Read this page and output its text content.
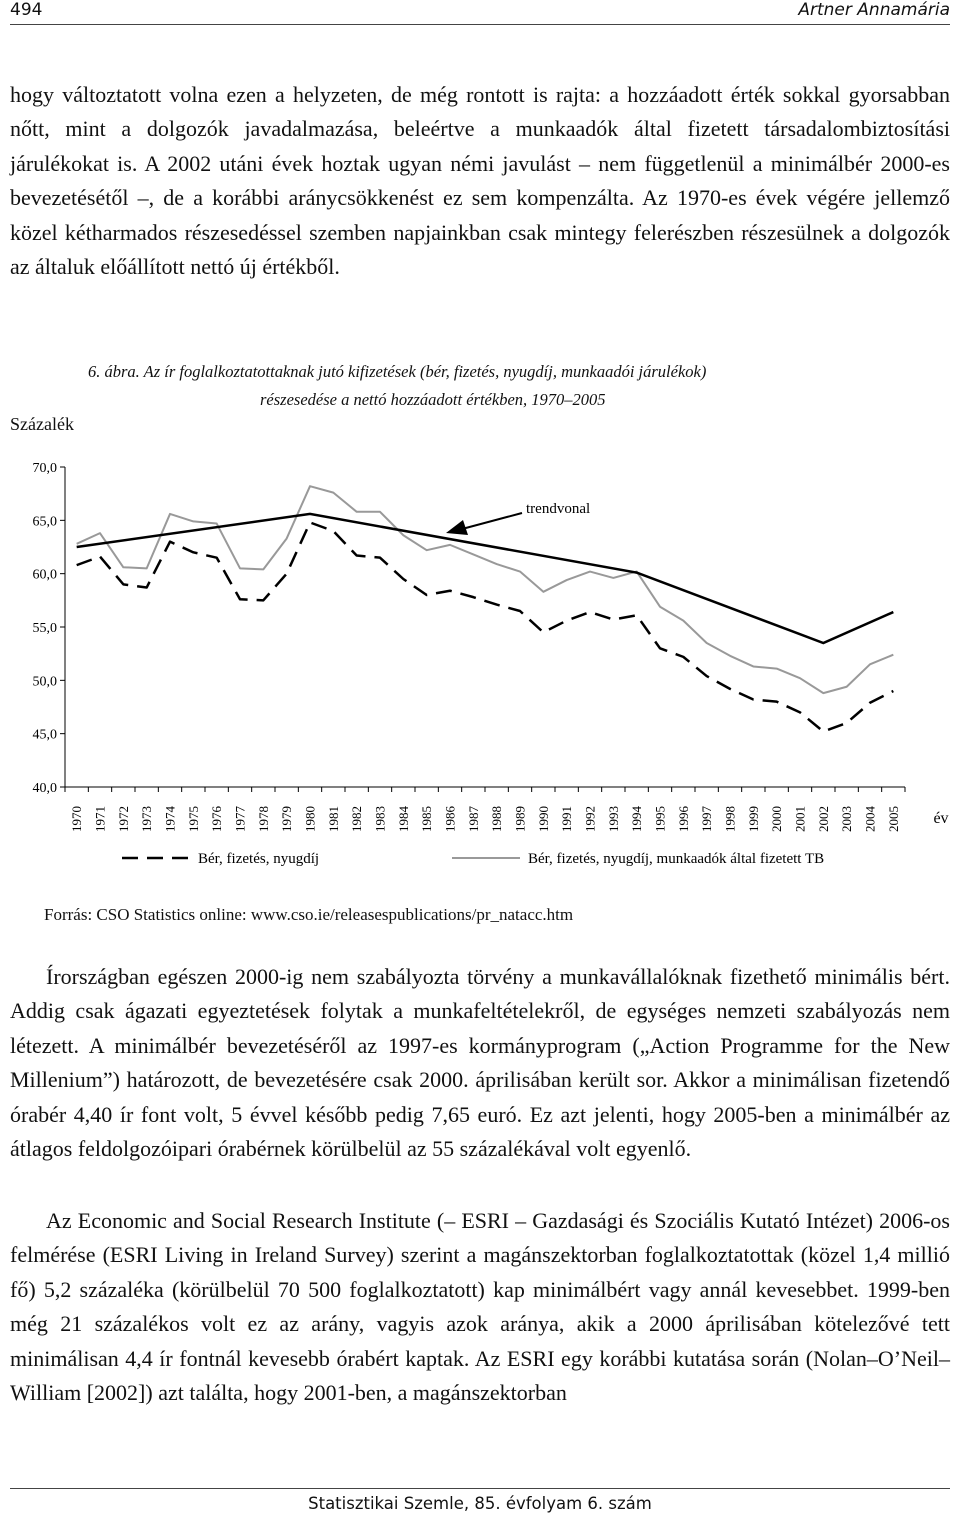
494	Artner Annamária

hogy változtatott volna ezen a helyzeten, de még rontott is rajta: a hozzáadott érték sokkal gyorsabban nőtt, mint a dolgozók javadalmazása, beleértve a munkaadók által fizetett társadalombiztosítási járulékokat is. A 2002 utáni évek hoztak ugyan némi javulást – nem függetlenül a minimálbér 2000-es bevezetésétől –, de a korábbi aránycsökkenést ez sem kompenzálta. Az 1970-es évek végére jellemző közel kétharmados részesedéssel szemben napjainkban csak mintegy felerészben részesülnek a dolgozók az általuk előállított nettó új értékből.

6. ábra. Az ír foglalkoztatottaknak jutó kifizetések (bér, fizetés, nyugdíj, munkaadói járulékok)
részesedése a nettó hozzáadott értékben, 1970–2005
Százalék
70,0
65,0
60,0
55,0
50,0
45,0
40,0
1970 1971 1972 1973 1974 1975 1976 1977 1978 1979 1980 1981 1982 1983 1984 1985 1986 1987 1988 1989 1990 1991 1992 1993 1994 1995 1996 1997 1998 1999 2000 2001 2002 2003 2004 2005 év
trendvonal
Bér, fizetés, nyugdíj	Bér, fizetés, nyugdíj, munkaadók által fizetett TB
Forrás: CSO Statistics online: www.cso.ie/releasespublications/pr_natacc.htm

Írországban egészen 2000-ig nem szabályozta törvény a munkavállalóknak fizethető minimális bért. Addig csak ágazati egyeztetések folytak a munkafeltételekről, de egységes nemzeti szabályozás nem létezett. A minimálbér bevezetéséről az 1997-es kormányprogram („Action Programme for the New Millenium”) határozott, de bevezetésére csak 2000. áprilisában került sor. Akkor a minimálisan fizetendő órabér 4,40 ír font volt, 5 évvel később pedig 7,65 euró. Ez azt jelenti, hogy 2005-ben a minimálbér az átlagos feldolgozóipari órabérnek körülbelül az 55 százalékával volt egyenlő.

Az Economic and Social Research Institute (– ESRI – Gazdasági és Szociális Kutató Intézet) 2006-os felmérése (ESRI Living in Ireland Survey) szerint a magánszektorban foglalkoztatottak (közel 1,4 millió fő) 5,2 százaléka (körülbelül 70 500 foglalkoztatott) kap minimálbért vagy annál kevesebbet. 1999-ben még 21 százalékos volt ez az arány, vagyis azok aránya, akik a 2000 áprilisában kötelezővé tett minimálisan 4,4 ír fontnál kevesebb órabért kaptak. Az ESRI egy korábbi kutatása során (Nolan–O’Neil–William [2002]) azt találta, hogy 2001-ben, a magánszektorban

Statisztikai Szemle, 85. évfolyam 6. szám
